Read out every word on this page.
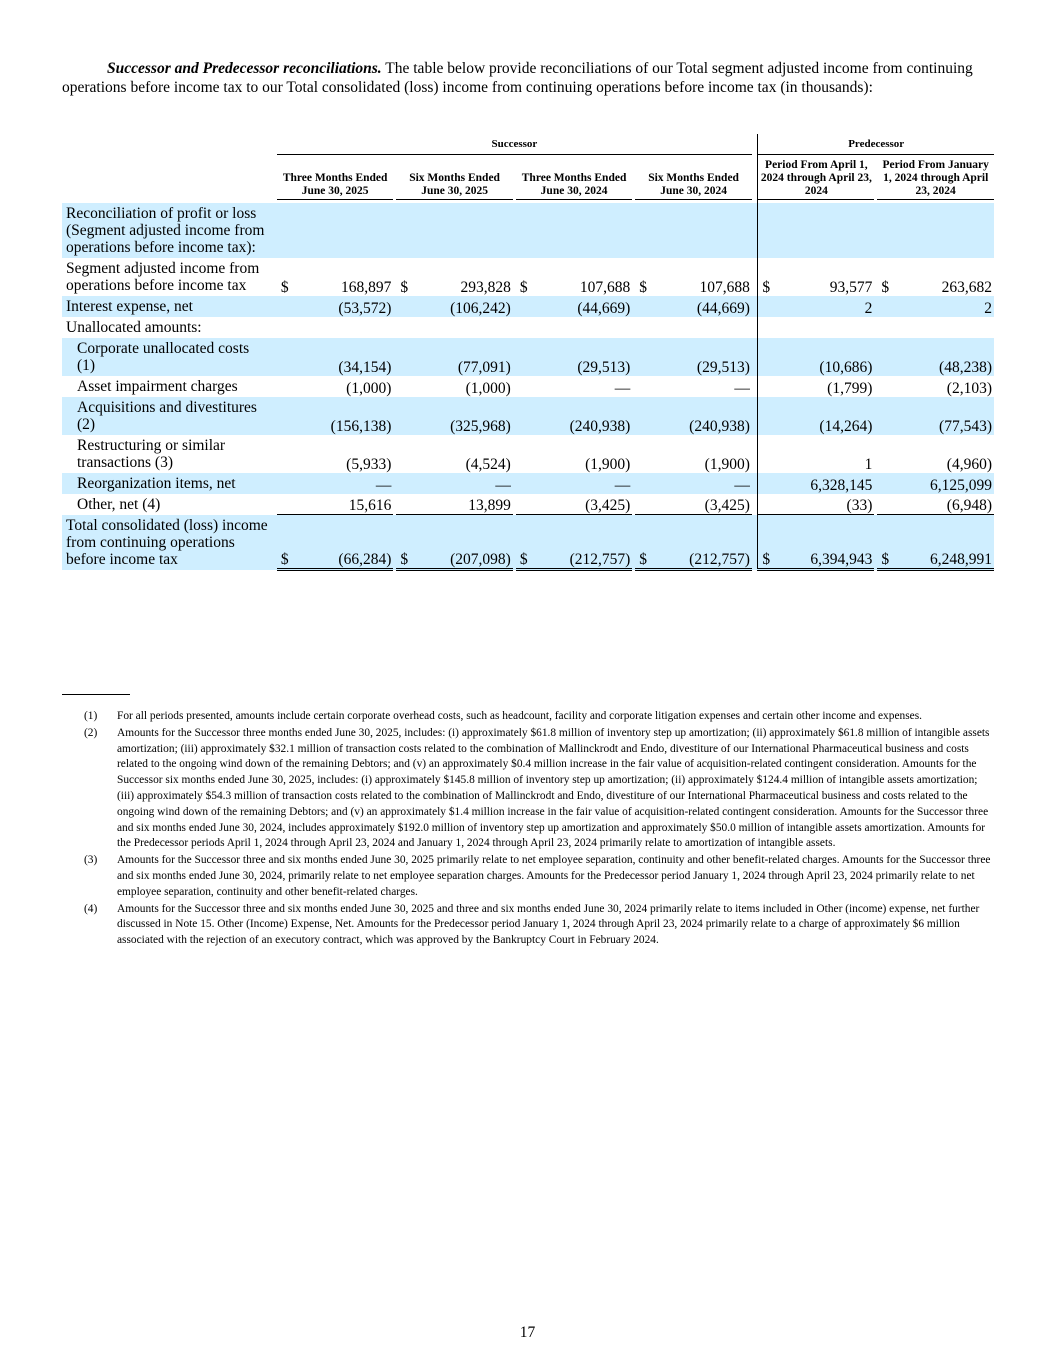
Successor and Predecessor reconciliations. The table below provide reconciliations of our Total segment adjusted income from continuing operations before income tax to our Total consolidated (loss) income from continuing operations before income tax (in thousands):
	Successor												Predecessor				
	Three Months Ended June 30, 2025			Six Months Ended June 30, 2025			Three Months Ended June 30, 2024			Six Months Ended June 30, 2024			Period From April 1, 2024 through April 23, 2024			Period From January 1, 2024 through April 23, 2024	

Reconciliation of profit or loss (Segment adjusted income from operations before income tax):																	
Segment adjusted income from operations before income tax	$	168,897		$	293,828		$	107,688		$	107,688		$	93,577		$	263,682
Interest expense, net		(53,572)			(106,242)			(44,669)			(44,669)			2			2
Unallocated amounts:																	
Corporate unallocated costs (1)		(34,154)			(77,091)			(29,513)			(29,513)			(10,686)			(48,238)
Asset impairment charges		(1,000)			(1,000)			—			—			(1,799)			(2,103)
Acquisitions and divestitures (2)		(156,138)			(325,968)			(240,938)			(240,938)			(14,264)			(77,543)
Restructuring or similar transactions (3)		(5,933)			(4,524)			(1,900)			(1,900)			1			(4,960)
Reorganization items, net		—			—			—			—			6,328,145			6,125,099
Other, net (4)		15,616			13,899			(3,425)			(3,425)			(33)			(6,948)
Total consolidated (loss) income from continuing operations before income tax	$	(66,284)		$	(207,098)		$	(212,757)		$	(212,757)		$	6,394,943		$	6,248,991
(1) For all periods presented, amounts include certain corporate overhead costs, such as headcount, facility and corporate litigation expenses and certain other income and expenses.
(2) Amounts for the Successor three months ended June 30, 2025, includes: (i) approximately $61.8 million of inventory step up amortization; (ii) approximately $61.8 million of intangible assets amortization; (iii) approximately $32.1 million of transaction costs related to the combination of Mallinckrodt and Endo, divestiture of our International Pharmaceutical business and costs related to the ongoing wind down of the remaining Debtors; and (v) an approximately $0.4 million increase in the fair value of acquisition-related contingent consideration. Amounts for the Successor six months ended June 30, 2025, includes: (i) approximately $145.8 million of inventory step up amortization; (ii) approximately $124.4 million of intangible assets amortization; (iii) approximately $54.3 million of transaction costs related to the combination of Mallinckrodt and Endo, divestiture of our International Pharmaceutical business and costs related to the ongoing wind down of the remaining Debtors; and (v) an approximately $1.4 million increase in the fair value of acquisition-related contingent consideration. Amounts for the Successor three and six months ended June 30, 2024, includes approximately $192.0 million of inventory step up amortization and approximately $50.0 million of intangible assets amortization. Amounts for the Predecessor periods April 1, 2024 through April 23, 2024 and January 1, 2024 through April 23, 2024 primarily relate to amortization of intangible assets.
(3) Amounts for the Successor three and six months ended June 30, 2025 primarily relate to net employee separation, continuity and other benefit-related charges. Amounts for the Successor three and six months ended June 30, 2024, primarily relate to net employee separation charges. Amounts for the Predecessor period January 1, 2024 through April 23, 2024 primarily relate to net employee separation, continuity and other benefit-related charges.
(4) Amounts for the Successor three and six months ended June 30, 2025 and three and six months ended June 30, 2024 primarily relate to items included in Other (income) expense, net further discussed in Note 15. Other (Income) Expense, Net. Amounts for the Predecessor period January 1, 2024 through April 23, 2024 primarily relate to a charge of approximately $6 million associated with the rejection of an executory contract, which was approved by the Bankruptcy Court in February 2024.
17
